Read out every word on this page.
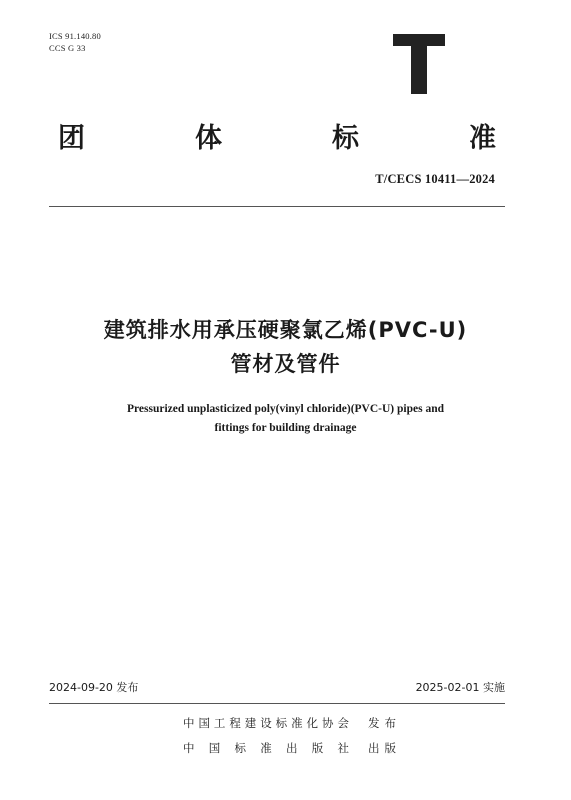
ICS 91.140.80
CCS G 33
团	体	标	准
T/CECS 10411—2024
建筑排水用承压硬聚氯乙烯(PVC-U)
管材及管件
Pressurized unplasticized poly(vinyl chloride)(PVC-U) pipes and
fittings for building drainage
2024-09-20 发布	2025-02-01 实施
中 国 工 程 建 设 标 准 化 协 会 发 布
中 国 标 准 出 版 社 出 版
